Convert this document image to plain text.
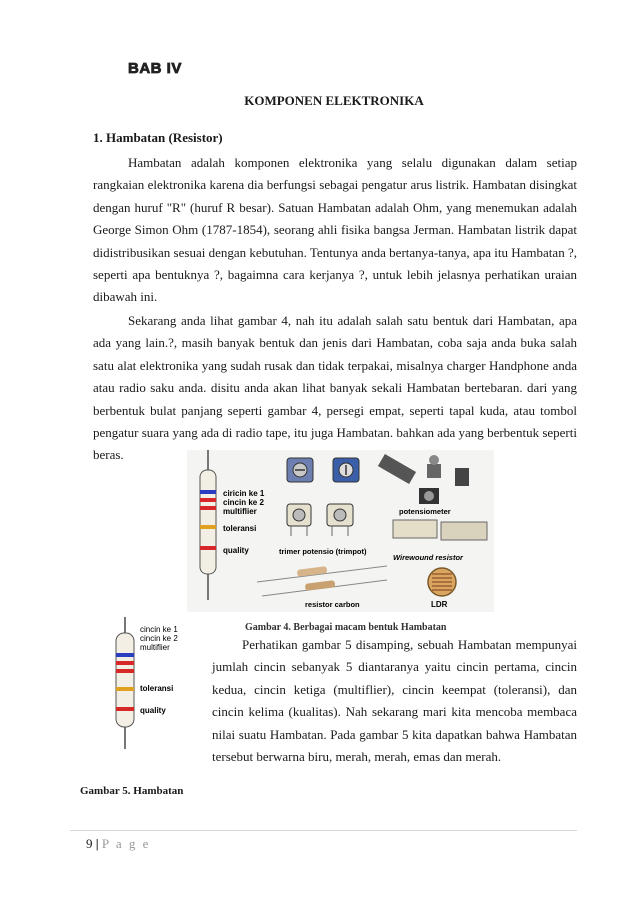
BAB IV
KOMPONEN ELEKTRONIKA
1. Hambatan (Resistor)
Hambatan adalah komponen elektronika yang selalu digunakan dalam setiap rangkaian elektronika karena dia berfungsi sebagai pengatur arus listrik. Hambatan disingkat dengan huruf "R" (huruf R besar). Satuan Hambatan adalah Ohm, yang menemukan adalah George Simon Ohm (1787-1854), seorang ahli fisika bangsa Jerman. Hambatan listrik dapat didistribusikan sesuai dengan kebutuhan. Tentunya anda bertanya-tanya, apa itu Hambatan ?, seperti apa bentuknya ?, bagaimna cara kerjanya ?, untuk lebih jelasnya perhatikan uraian dibawah ini.
Sekarang anda lihat gambar 4, nah itu adalah salah satu bentuk dari Hambatan, apa ada yang lain.?, masih banyak bentuk dan jenis dari Hambatan, coba saja anda buka salah satu alat elektronika yang sudah rusak dan tidak terpakai, misalnya charger Handphone anda atau radio saku anda. disitu anda akan lihat banyak sekali Hambatan bertebaran. dari yang berbentuk bulat panjang seperti gambar 4, persegi empat, seperti tapal kuda, atau tombol pengatur suara yang ada di radio tape, itu juga Hambatan. bahkan ada yang berbentuk seperti beras.
ciricin ke 1
cincin ke 2
multiflier
toleransi
quality	trimer potensio (trimpot)
potensiometer
Wirewound resistor
resistor carbon	LDR
Gambar 4. Berbagai macam bentuk Hambatan
cincin ke 1
cincin ke 2
multiflier
toleransi
quality
Perhatikan gambar 5 disamping, sebuah Hambatan mempunyai jumlah cincin sebanyak 5 diantaranya yaitu cincin pertama, cincin kedua, cincin ketiga (multiflier), cincin keempat (toleransi), dan cincin kelima (kualitas). Nah sekarang mari kita mencoba membaca nilai suatu Hambatan. Pada gambar 5 kita dapatkan bahwa Hambatan tersebut berwarna biru, merah, merah, emas dan merah.
Gambar 5. Hambatan
9 | P a g e
